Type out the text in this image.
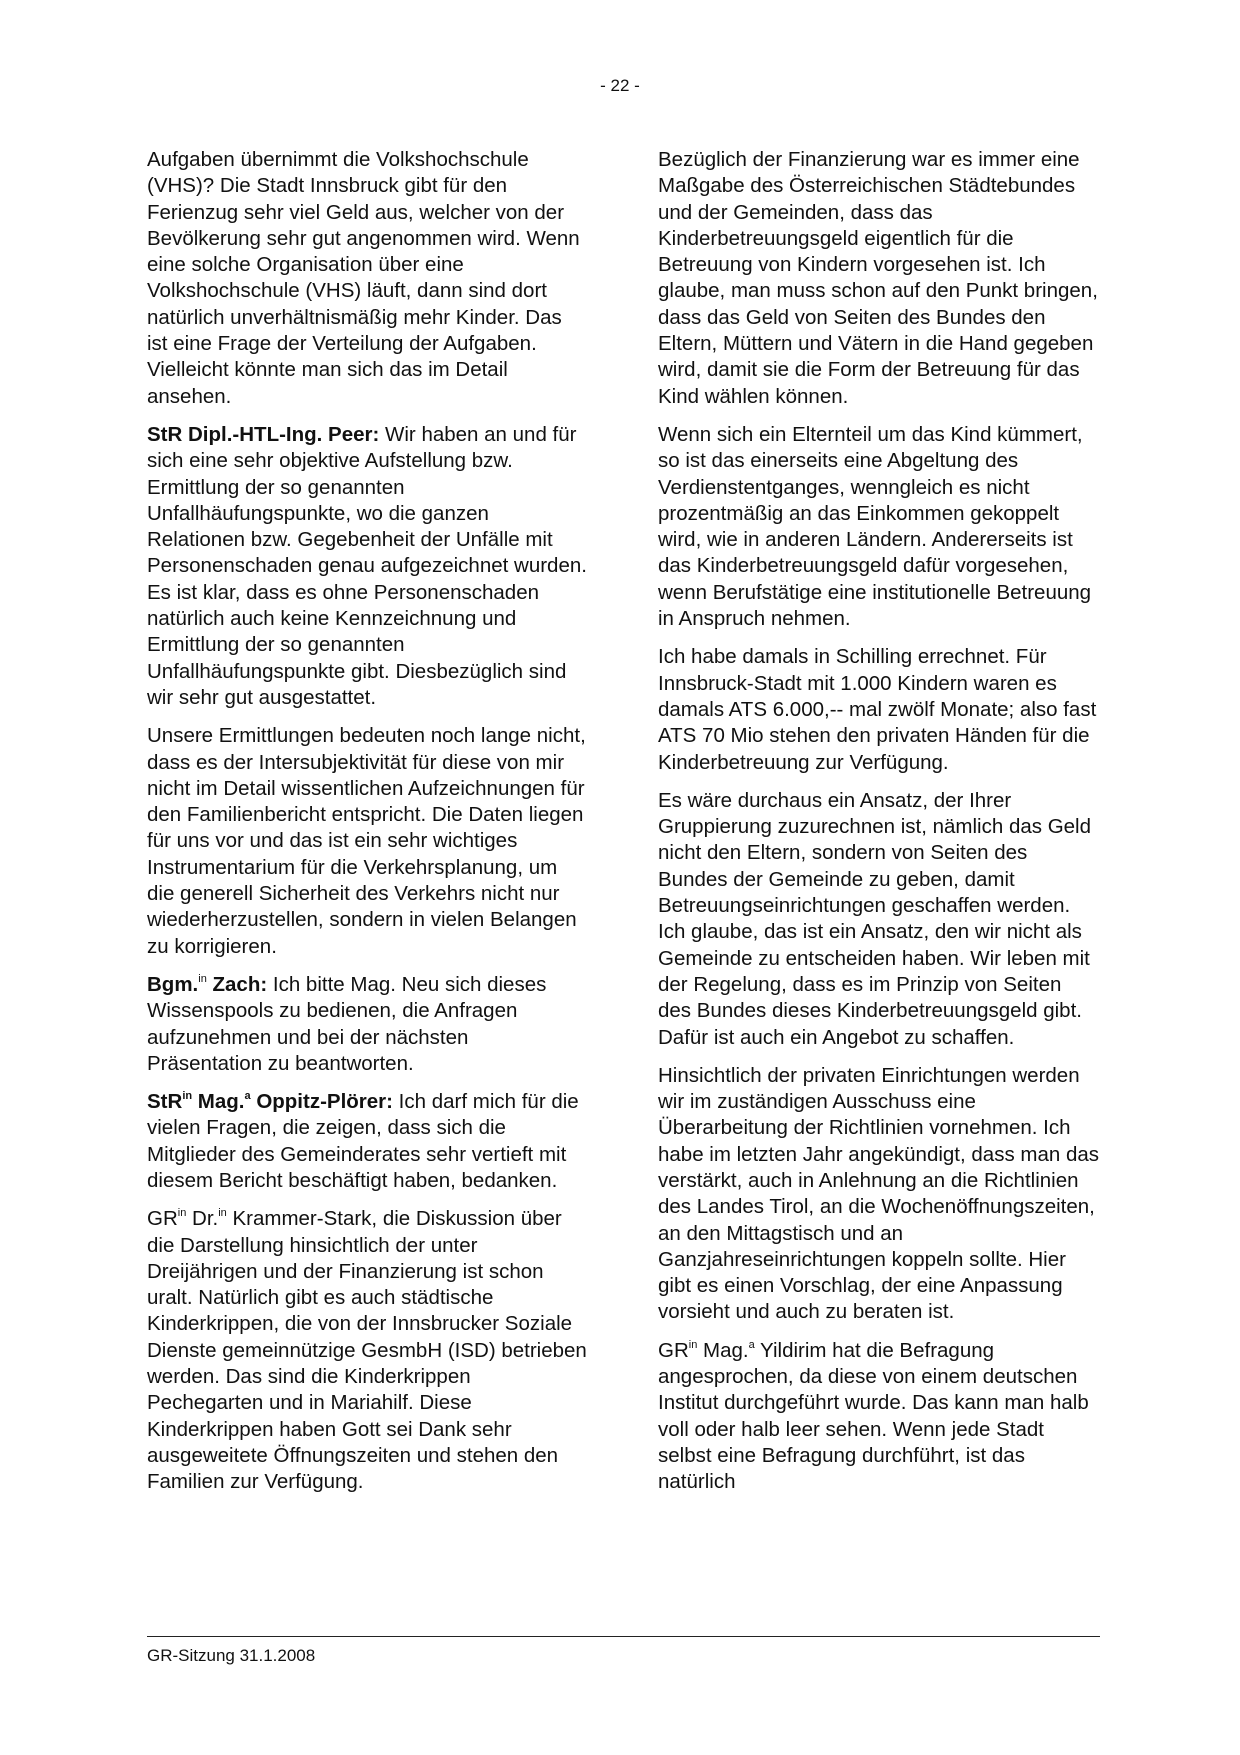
- 22 -

Aufgaben übernimmt die Volkshochschule (VHS)? Die Stadt Innsbruck gibt für den Ferienzug sehr viel Geld aus, welcher von der Bevölkerung sehr gut angenommen wird. Wenn eine solche Organisation über eine Volkshochschule (VHS) läuft, dann sind dort natürlich unverhältnismäßig mehr Kinder. Das ist eine Frage der Verteilung der Aufgaben. Vielleicht könnte man sich das im Detail ansehen.

StR Dipl.-HTL-Ing. Peer: Wir haben an und für sich eine sehr objektive Aufstellung bzw. Ermittlung der so genannten Unfallhäufungspunkte, wo die ganzen Relationen bzw. Gegebenheit der Unfälle mit Personenschaden genau aufgezeichnet wurden. Es ist klar, dass es ohne Personenschaden natürlich auch keine Kennzeichnung und Ermittlung der so genannten Unfallhäufungspunkte gibt. Diesbezüglich sind wir sehr gut ausgestattet.

Unsere Ermittlungen bedeuten noch lange nicht, dass es der Intersubjektivität für diese von mir nicht im Detail wissentlichen Aufzeichnungen für den Familienbericht entspricht. Die Daten liegen für uns vor und das ist ein sehr wichtiges Instrumentarium für die Verkehrsplanung, um die generell Sicherheit des Verkehrs nicht nur wiederherzustellen, sondern in vielen Belangen zu korrigieren.

Bgm.$^{in}$ Zach: Ich bitte Mag. Neu sich dieses Wissenspools zu bedienen, die Anfragen aufzunehmen und bei der nächsten Präsentation zu beantworten.

StR$^{in}$ Mag.$^a$ Oppitz-Plörer: Ich darf mich für die vielen Fragen, die zeigen, dass sich die Mitglieder des Gemeinderates sehr vertieft mit diesem Bericht beschäftigt haben, bedanken.

$GR^{in}$ Dr.$^{in}$ Krammer-Stark, die Diskussion über die Darstellung hinsichtlich der unter Dreijährigen und der Finanzierung ist schon uralt. Natürlich gibt es auch städtische Kinderkrippen, die von der Innsbrucker Soziale Dienste gemeinnützige GesmbH (ISD) betrieben werden. Das sind die Kinderkrippen Pechegarten und in Mariahilf. Diese Kinderkrippen haben Gott sei Dank sehr ausgeweitete Öffnungszeiten und stehen den Familien zur Verfügung.

Bezüglich der Finanzierung war es immer eine Maßgabe des Österreichischen Städtebundes und der Gemeinden, dass das Kinderbetreuungsgeld eigentlich für die Betreuung von Kindern vorgesehen ist. Ich glaube, man muss schon auf den Punkt bringen, dass das Geld von Seiten des Bundes den Eltern, Müttern und Vätern in die Hand gegeben wird, damit sie die Form der Betreuung für das Kind wählen können.

Wenn sich ein Elternteil um das Kind kümmert, so ist das einerseits eine Abgeltung des Verdienstentganges, wenngleich es nicht prozentmäßig an das Einkommen gekoppelt wird, wie in anderen Ländern. Andererseits ist das Kinderbetreuungsgeld dafür vorgesehen, wenn Berufstätige eine institutionelle Betreuung in Anspruch nehmen.

Ich habe damals in Schilling errechnet. Für Innsbruck-Stadt mit 1.000 Kindern waren es damals ATS 6.000,-- mal zwölf Monate; also fast ATS 70 Mio stehen den privaten Händen für die Kinderbetreuung zur Verfügung.

Es wäre durchaus ein Ansatz, der Ihrer Gruppierung zuzurechnen ist, nämlich das Geld nicht den Eltern, sondern von Seiten des Bundes der Gemeinde zu geben, damit Betreuungseinrichtungen geschaffen werden. Ich glaube, das ist ein Ansatz, den wir nicht als Gemeinde zu entscheiden haben. Wir leben mit der Regelung, dass es im Prinzip von Seiten des Bundes dieses Kinderbetreuungsgeld gibt. Dafür ist auch ein Angebot zu schaffen.

Hinsichtlich der privaten Einrichtungen werden wir im zuständigen Ausschuss eine Überarbeitung der Richtlinien vornehmen. Ich habe im letzten Jahr angekündigt, dass man das verstärkt, auch in Anlehnung an die Richtlinien des Landes Tirol, an die Wochenöffnungszeiten, an den Mittagstisch und an Ganzjahreseinrichtungen koppeln sollte. Hier gibt es einen Vorschlag, der eine Anpassung vorsieht und auch zu beraten ist.

$GR^{in}$ Mag.$^a$ Yildirim hat die Befragung angesprochen, da diese von einem deutschen Institut durchgeführt wurde. Das kann man halb voll oder halb leer sehen. Wenn jede Stadt selbst eine Befragung durchführt, ist das natürlich

GR-Sitzung 31.1.2008
